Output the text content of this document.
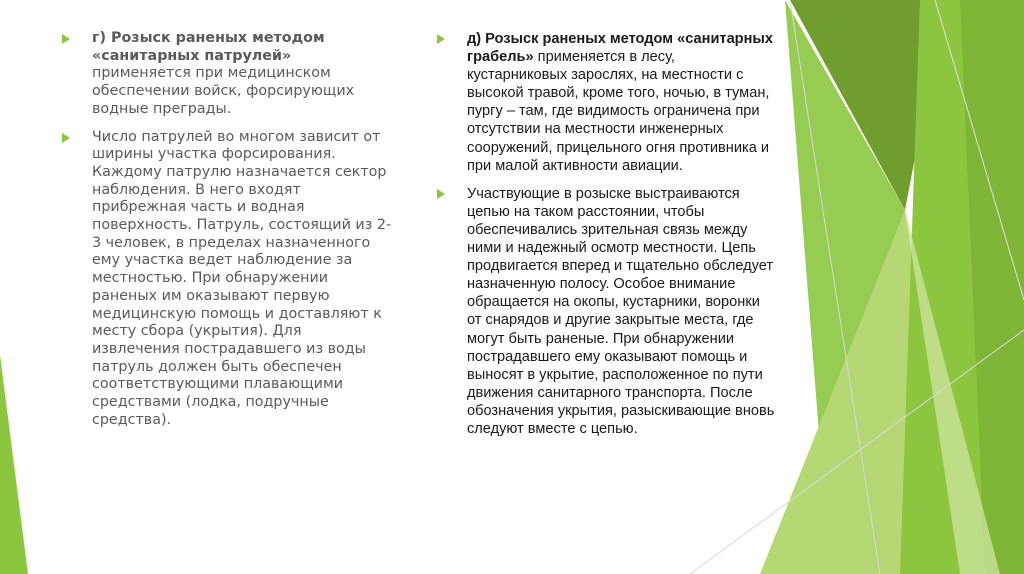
г) Розыск раненых методом «санитарных патрулей» применяется при медицинском обеспечении войск, форсирующих водные преграды.

Число патрулей во многом зависит от ширины участка форсирования. Каждому патрулю назначается сектор наблюдения. В него входят прибрежная часть и водная поверхность. Патруль, состоящий из 2-3 человек, в пределах назначенного ему участка ведет наблюдение за местностью. При обнаружении раненых им оказывают первую медицинскую помощь и доставляют к месту сбора (укрытия). Для извлечения пострадавшего из воды патруль должен быть обеспечен соответствующими плавающими средствами (лодка, подручные средства).

д) Розыск раненых методом «санитарных грабель» применяется в лесу, кустарниковых зарослях, на местности с высокой травой, кроме того, ночью, в туман, пургу – там, где видимость ограничена при отсутствии на местности инженерных сооружений, прицельного огня противника и при малой активности авиации.

Участвующие в розыске выстраиваются цепью на таком расстоянии, чтобы обеспечивались зрительная связь между ними и надежный осмотр местности. Цепь продвигается вперед и тщательно обследует назначенную полосу. Особое внимание обращается на окопы, кустарники, воронки от снарядов и другие закрытые места, где могут быть раненые. При обнаружении пострадавшего ему оказывают помощь и выносят в укрытие, расположенное по пути движения санитарного транспорта. После обозначения укрытия, разыскивающие вновь следуют вместе с цепью.
